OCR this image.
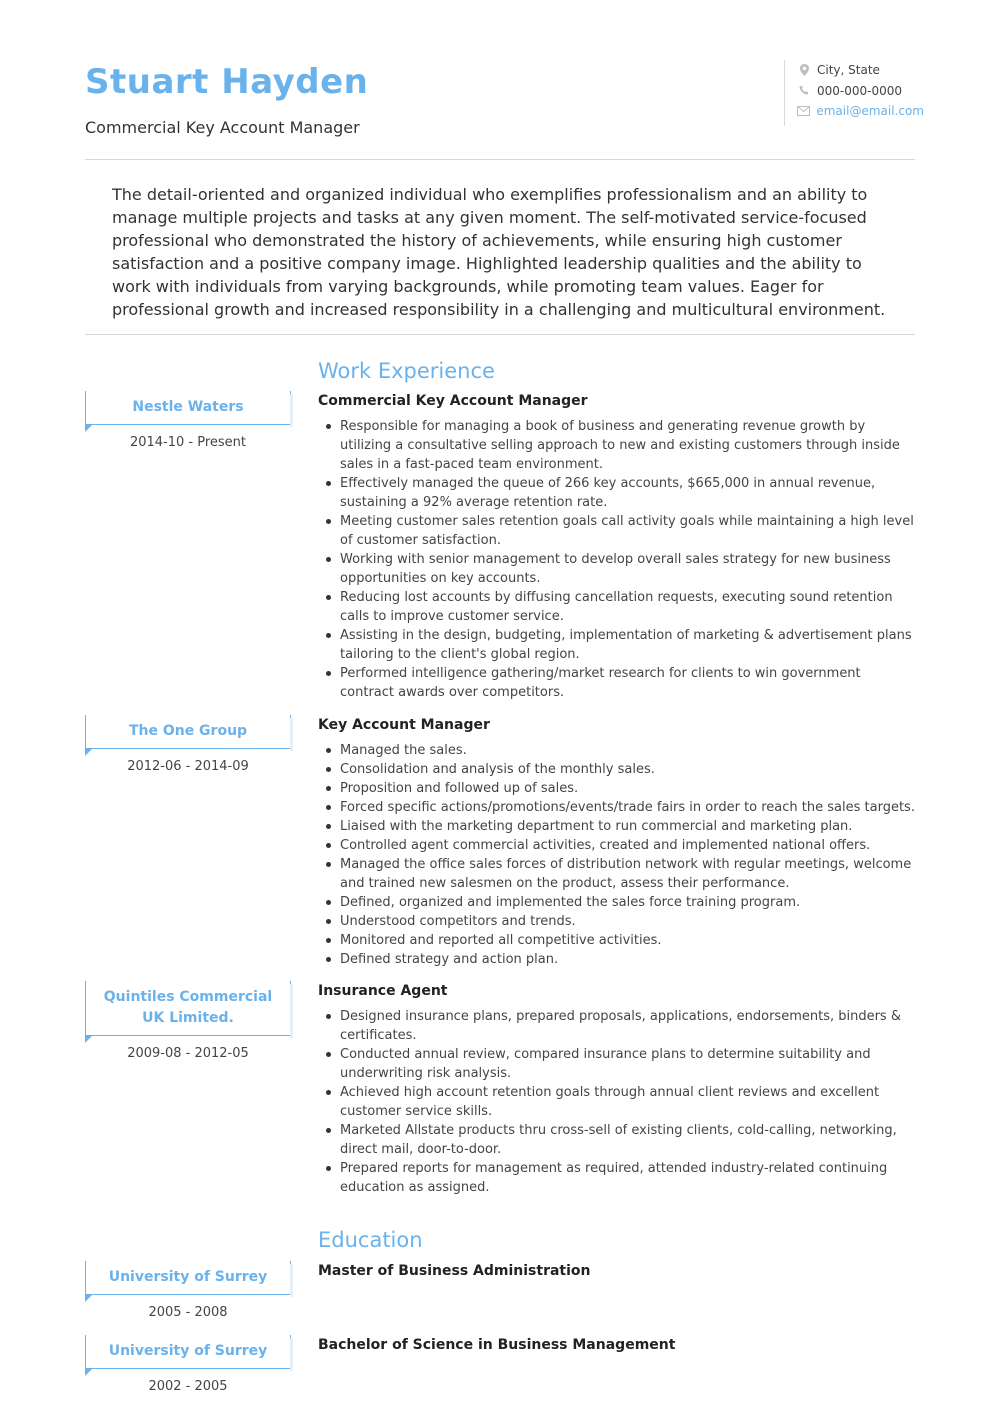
Stuart Hayden
Commercial Key Account Manager
City, State
000-000-0000
email@email.com

The detail-oriented and organized individual who exemplifies professionalism and an ability to manage multiple projects and tasks at any given moment. The self-motivated service-focused professional who demonstrated the history of achievements, while ensuring high customer satisfaction and a positive company image. Highlighted leadership qualities and the ability to work with individuals from varying backgrounds, while promoting team values. Eager for professional growth and increased responsibility in a challenging and multicultural environment.

Work Experience
Nestle Waters
2014-10 - Present
Commercial Key Account Manager
Responsible for managing a book of business and generating revenue growth by utilizing a consultative selling approach to new and existing customers through inside sales in a fast-paced team environment.
Effectively managed the queue of 266 key accounts, $665,000 in annual revenue, sustaining a 92% average retention rate.
Meeting customer sales retention goals call activity goals while maintaining a high level of customer satisfaction.
Working with senior management to develop overall sales strategy for new business opportunities on key accounts.
Reducing lost accounts by diffusing cancellation requests, executing sound retention calls to improve customer service.
Assisting in the design, budgeting, implementation of marketing & advertisement plans tailoring to the client's global region.
Performed intelligence gathering/market research for clients to win government contract awards over competitors.
The One Group
2012-06 - 2014-09
Key Account Manager
Managed the sales.
Consolidation and analysis of the monthly sales.
Proposition and followed up of sales.
Forced specific actions/promotions/events/trade fairs in order to reach the sales targets.
Liaised with the marketing department to run commercial and marketing plan.
Controlled agent commercial activities, created and implemented national offers.
Managed the office sales forces of distribution network with regular meetings, welcome and trained new salesmen on the product, assess their performance.
Defined, organized and implemented the sales force training program.
Understood competitors and trends.
Monitored and reported all competitive activities.
Defined strategy and action plan.
Quintiles Commercial UK Limited.
2009-08 - 2012-05
Insurance Agent
Designed insurance plans, prepared proposals, applications, endorsements, binders & certificates.
Conducted annual review, compared insurance plans to determine suitability and underwriting risk analysis.
Achieved high account retention goals through annual client reviews and excellent customer service skills.
Marketed Allstate products thru cross-sell of existing clients, cold-calling, networking, direct mail, door-to-door.
Prepared reports for management as required, attended industry-related continuing education as assigned.
Education
University of Surrey
2005 - 2008
Master of Business Administration
University of Surrey
2002 - 2005
Bachelor of Science in Business Management
